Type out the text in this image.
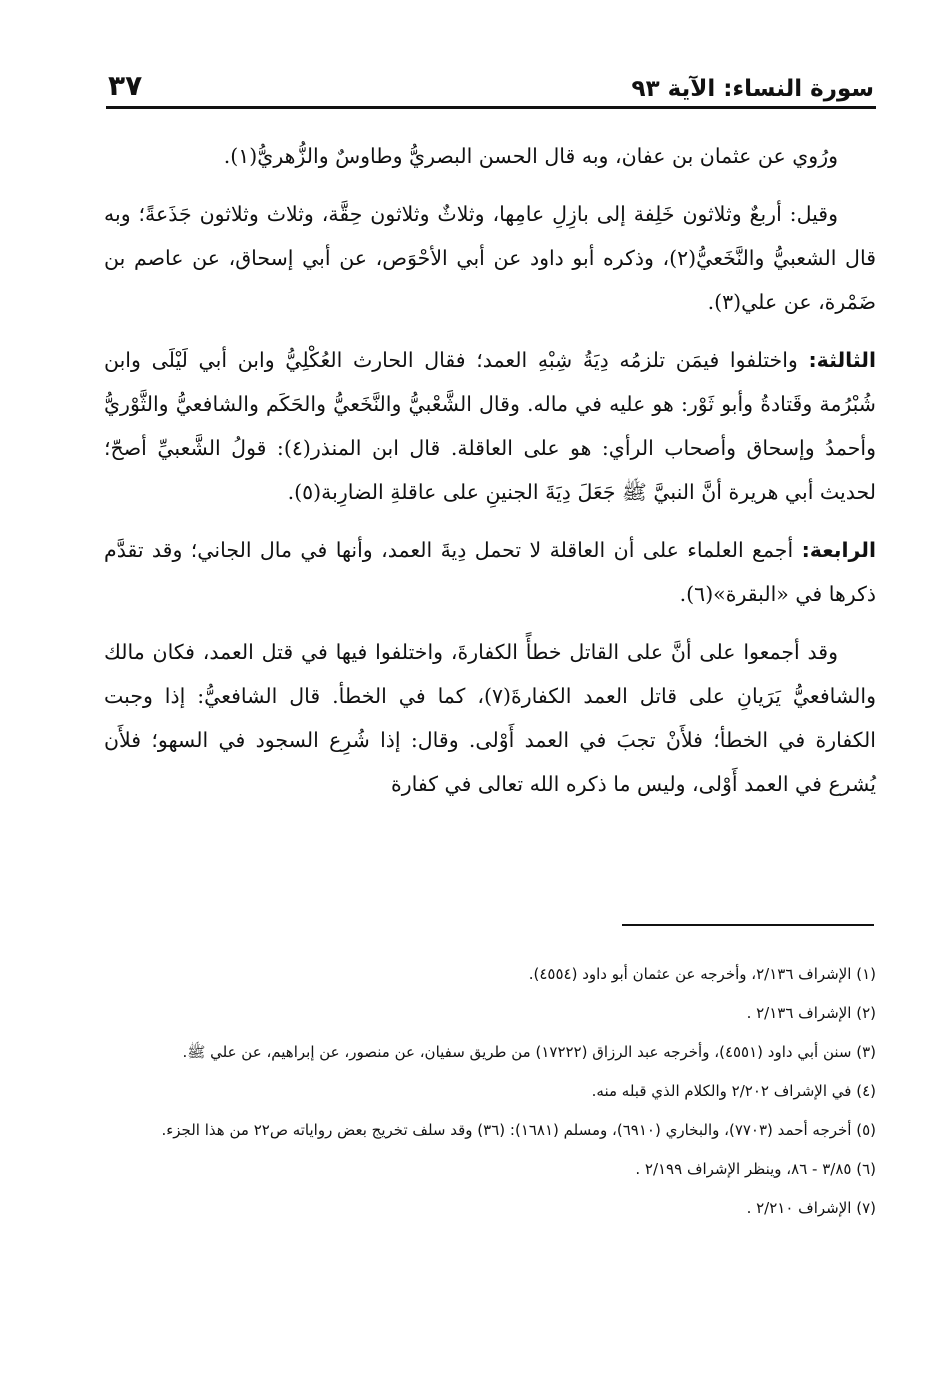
سورة النساء: الآية ٩٣
٣٧

ورُوي عن عثمان بن عفان، وبه قال الحسن البصريُّ وطاوسٌ والزُّهريُّ(١).

وقيل: أربعٌ وثلاثون خَلِفة إلى بازِلِ عامِها، وثلاثٌ وثلاثون حِقَّة، وثلاث وثلاثون جَذَعةً؛ وبه قال الشعبيُّ والنَّخَعيُّ(٢)، وذكره أبو داود عن أبي الأحْوَص، عن أبي إسحاق، عن عاصم بن ضَمْرة، عن علي(٣).

الثالثة: واختلفوا فيمَن تلزمُه دِيَةُ شِبْهِ العمد؛ فقال الحارث العُكْلِيُّ وابن أبي لَيْلَى وابن شُبْرُمة وقَتادةُ وأبو ثَوْر: هو عليه في ماله. وقال الشَّعْبيُّ والنَّخَعيُّ والحَكَم والشافعيُّ والثَّوْريُّ وأحمدُ وإسحاق وأصحاب الرأي: هو على العاقلة. قال ابن المنذر(٤): قولُ الشَّعبيِّ أصحّ؛ لحديث أبي هريرة أنَّ النبيَّ ﷺ جَعَلَ دِيَةَ الجنينِ على عاقلةِ الضارِبة(٥).

الرابعة: أجمع العلماء على أن العاقلة لا تحمل دِيةَ العمد، وأنها في مال الجاني؛ وقد تقدَّم ذكرها في «البقرة»(٦).

وقد أجمعوا على أنَّ على القاتل خطأً الكفارةَ، واختلفوا فيها في قتل العمد، فكان مالك والشافعيُّ يَرَيانِ على قاتل العمد الكفارةَ(٧)، كما في الخطأ. قال الشافعيُّ: إذا وجبت الكفارة في الخطأ؛ فلأَنْ تجبَ في العمد أَوْلى. وقال: إذا شُرِع السجود في السهو؛ فلأَن يُشرع في العمد أَوْلى، وليس ما ذكره الله تعالى في كفارة

(١) الإشراف ٢/١٣٦، وأخرجه عن عثمان أبو داود (٤٥٥٤).
(٢) الإشراف ٢/١٣٦ .
(٣) سنن أبي داود (٤٥٥١)، وأخرجه عبد الرزاق (١٧٢٢٢) من طريق سفيان، عن منصور، عن إبراهيم، عن علي ﷺ.
(٤) في الإشراف ٢/٢٠٢ والكلام الذي قبله منه.
(٥) أخرجه أحمد (٧٧٠٣)، والبخاري (٦٩١٠)، ومسلم (١٦٨١): (٣٦) وقد سلف تخريج بعض رواياته ص٢٢ من هذا الجزء.
(٦) ٣/٨٥ - ٨٦، وينظر الإشراف ٢/١٩٩ .
(٧) الإشراف ٢/٢١٠ .
